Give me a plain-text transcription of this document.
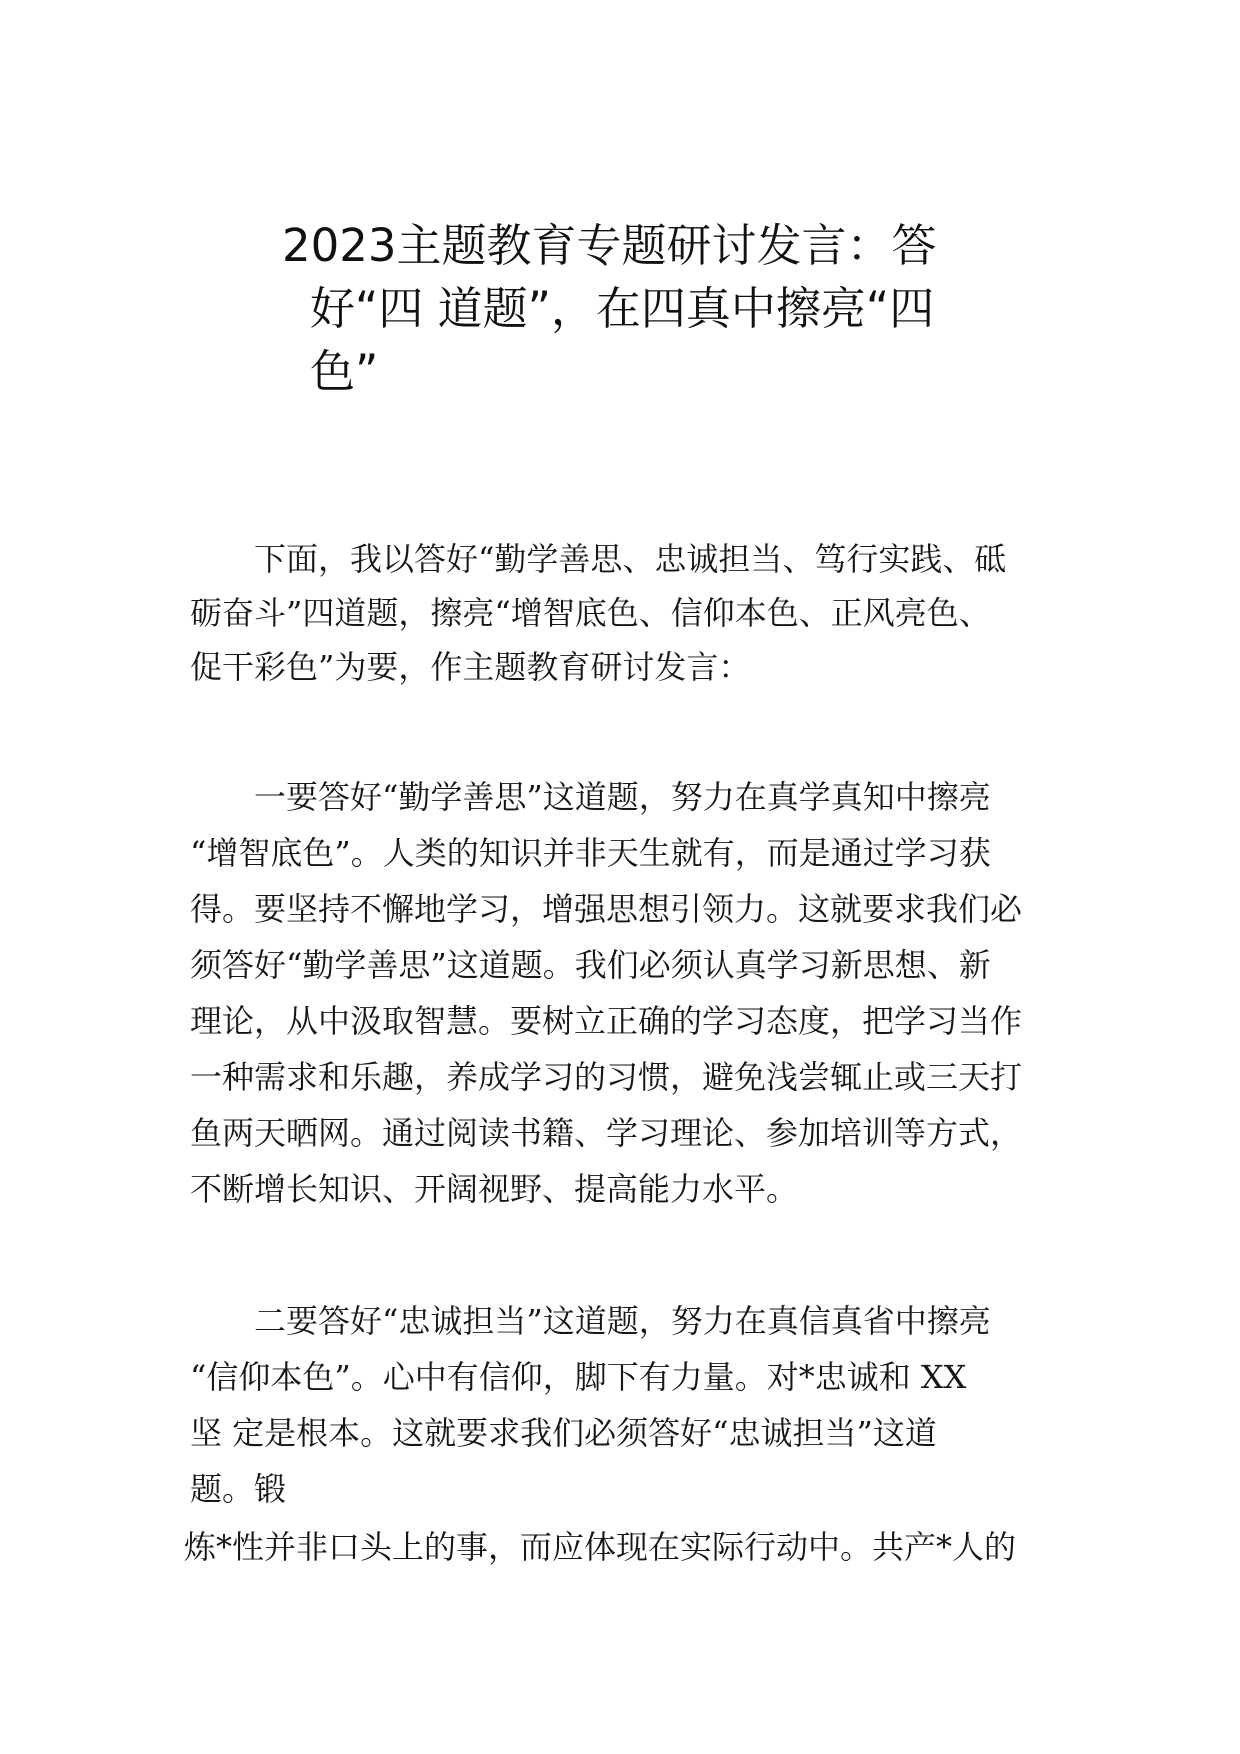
2023主题教育专题研讨发言：答
好“四 道题”，在四真中擦亮“四
色”
　　下面，我以答好“勤学善思、忠诚担当、笃行实践、砥
砺奋斗”四道题，擦亮“增智底色、信仰本色、正风亮色、
促干彩色”为要，作主题教育研讨发言：
　　一要答好“勤学善思”这道题，努力在真学真知中擦亮
“增智底色”。人类的知识并非天生就有，而是通过学习获
得。要坚持不懈地学习，增强思想引领力。这就要求我们必
须答好“勤学善思”这道题。我们必须认真学习新思想、新
理论，从中汲取智慧。要树立正确的学习态度，把学习当作
一种需求和乐趣，养成学习的习惯，避免浅尝辄止或三天打
鱼两天晒网。通过阅读书籍、学习理论、参加培训等方式，
不断增长知识、开阔视野、提高能力水平。
　　二要答好“忠诚担当”这道题，努力在真信真省中擦亮
“信仰本色”。心中有信仰，脚下有力量。对*忠诚和 XX
坚 定是根本。这就要求我们必须答好“忠诚担当”这道
题。锻
炼*性并非口头上的事，而应体现在实际行动中。共产*人的
